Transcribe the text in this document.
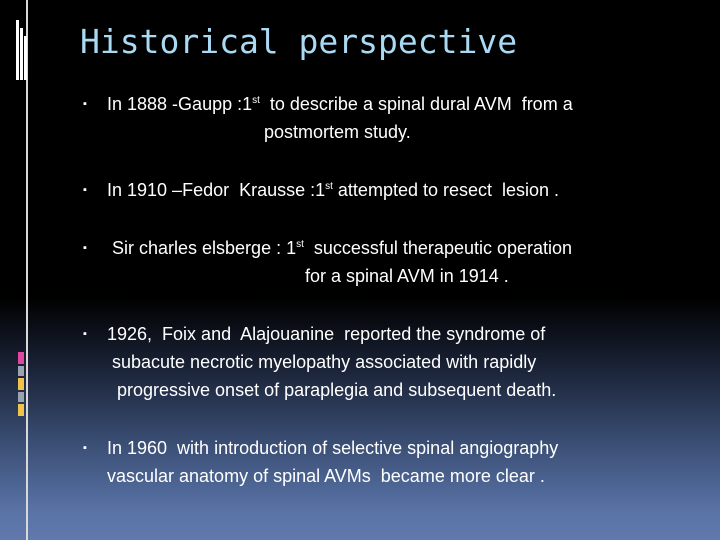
Historical perspective
▪ In 1888 -Gaupp :1st  to describe a spinal dural AVM  from a
postmortem study.
▪ In 1910 –Fedor  Krausse :1st attempted to resect  lesion .
▪ Sir charles elsberge : 1st  successful therapeutic operation
for a spinal AVM in 1914 .
▪ 1926,  Foix and  Alajouanine  reported the syndrome of
subacute necrotic myelopathy associated with rapidly
progressive onset of paraplegia and subsequent death.
▪ In 1960  with introduction of selective spinal angiography
vascular anatomy of spinal AVMs  became more clear .
